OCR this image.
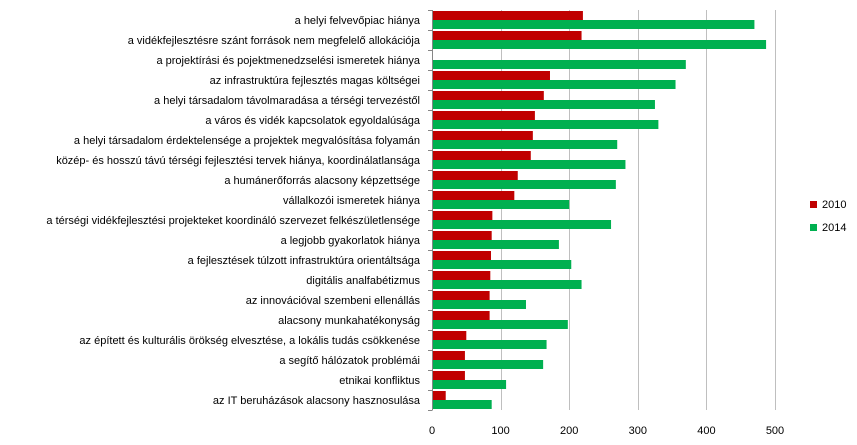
0	100	200	300	400	500
a helyi felvevőpiac hiánya
a vidékfejlesztésre szánt források nem megfelelő allokációja
a projektírási és pojektmenedzselési ismeretek hiánya
az infrastruktúra fejlesztés magas költségei
a helyi társadalom távolmaradása a térségi tervezéstől
a város és vidék kapcsolatok egyoldalúsága
a helyi társadalom érdektelensége a projektek megvalósítása folyamán
közép- és hosszú távú térségi fejlesztési tervek hiánya, koordinálatlansága
a humánerőforrás alacsony képzettsége
vállalkozói ismeretek hiánya
a térségi vidékfejlesztési projekteket koordináló szervezet felkészületlensége
a legjobb gyakorlatok hiánya
a fejlesztések túlzott infrastruktúra orientáltsága
digitális analfabétizmus
az innovációval szembeni ellenállás
alacsony munkahatékonyság
az épített és kulturális örökség elvesztése, a lokális tudás csökkenése
a segítő hálózatok problémái
etnikai konfliktus
az IT beruházások alacsony hasznosulása
2010
2014
